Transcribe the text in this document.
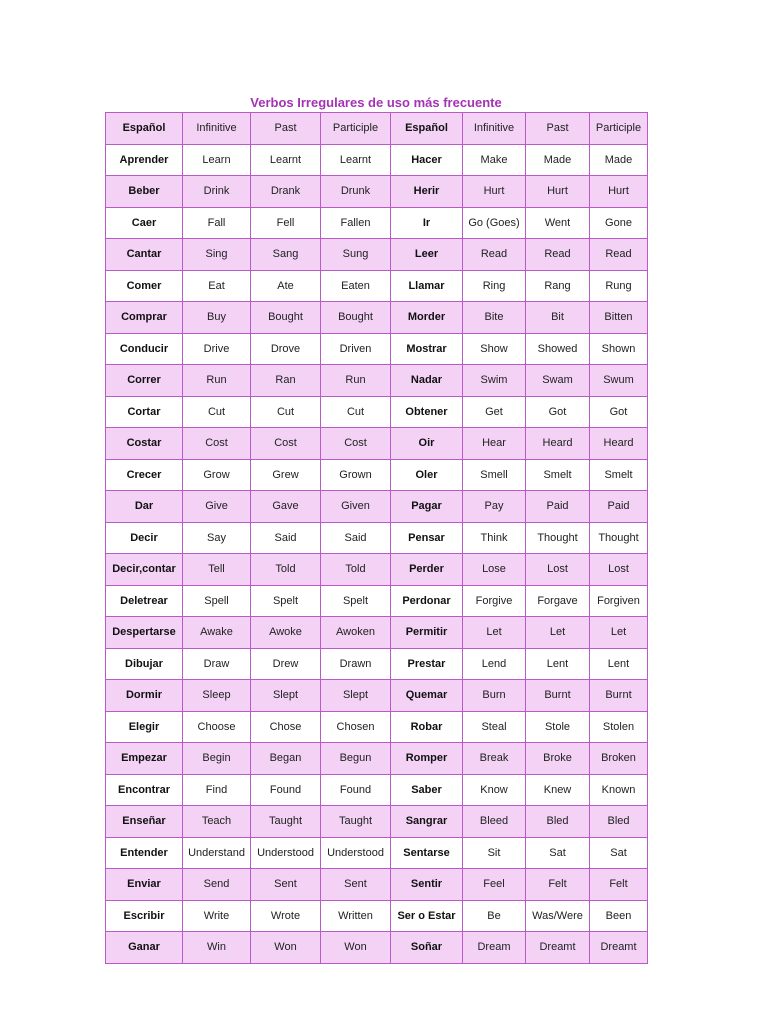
Verbos Irregulares de uso más frecuente
Español	Infinitive	Past	Participle	Español	Infinitive	Past	Participle
Aprender	Learn	Learnt	Learnt	Hacer	Make	Made	Made
Beber	Drink	Drank	Drunk	Herir	Hurt	Hurt	Hurt
Caer	Fall	Fell	Fallen	Ir	Go (Goes)	Went	Gone
Cantar	Sing	Sang	Sung	Leer	Read	Read	Read
Comer	Eat	Ate	Eaten	Llamar	Ring	Rang	Rung
Comprar	Buy	Bought	Bought	Morder	Bite	Bit	Bitten
Conducir	Drive	Drove	Driven	Mostrar	Show	Showed	Shown
Correr	Run	Ran	Run	Nadar	Swim	Swam	Swum
Cortar	Cut	Cut	Cut	Obtener	Get	Got	Got
Costar	Cost	Cost	Cost	Oir	Hear	Heard	Heard
Crecer	Grow	Grew	Grown	Oler	Smell	Smelt	Smelt
Dar	Give	Gave	Given	Pagar	Pay	Paid	Paid
Decir	Say	Said	Said	Pensar	Think	Thought	Thought
Decir,contar	Tell	Told	Told	Perder	Lose	Lost	Lost
Deletrear	Spell	Spelt	Spelt	Perdonar	Forgive	Forgave	Forgiven
Despertarse	Awake	Awoke	Awoken	Permitir	Let	Let	Let
Dibujar	Draw	Drew	Drawn	Prestar	Lend	Lent	Lent
Dormir	Sleep	Slept	Slept	Quemar	Burn	Burnt	Burnt
Elegir	Choose	Chose	Chosen	Robar	Steal	Stole	Stolen
Empezar	Begin	Began	Begun	Romper	Break	Broke	Broken
Encontrar	Find	Found	Found	Saber	Know	Knew	Known
Enseñar	Teach	Taught	Taught	Sangrar	Bleed	Bled	Bled
Entender	Understand	Understood	Understood	Sentarse	Sit	Sat	Sat
Enviar	Send	Sent	Sent	Sentir	Feel	Felt	Felt
Escribir	Write	Wrote	Written	Ser o Estar	Be	Was/Were	Been
Ganar	Win	Won	Won	Soñar	Dream	Dreamt	Dreamt
